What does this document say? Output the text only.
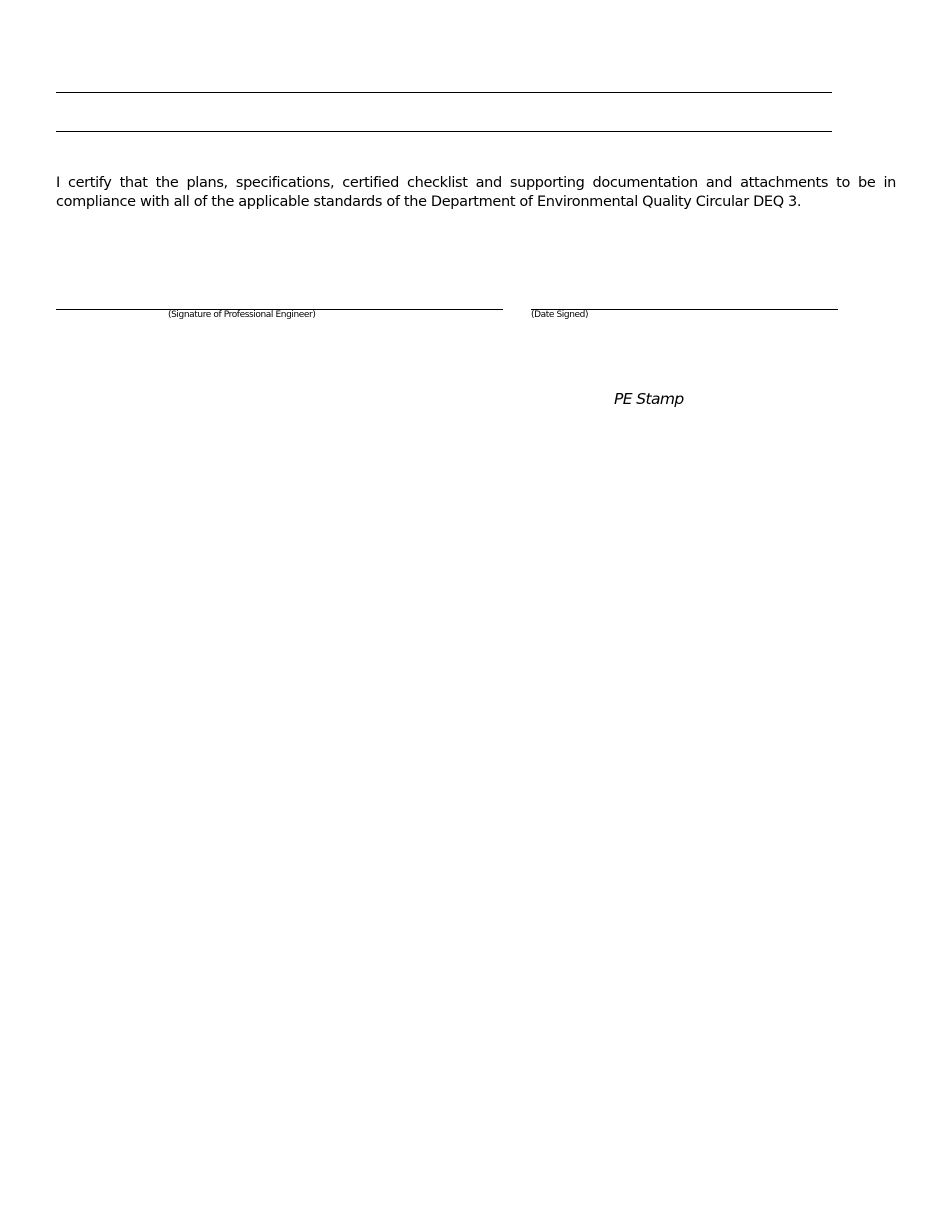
I certify that the plans, specifications, certified checklist and supporting documentation and attachments to be in compliance with all of the applicable standards of the Department of Environmental Quality Circular DEQ 3.

(Signature of Professional Engineer)	(Date Signed)
PE Stamp
